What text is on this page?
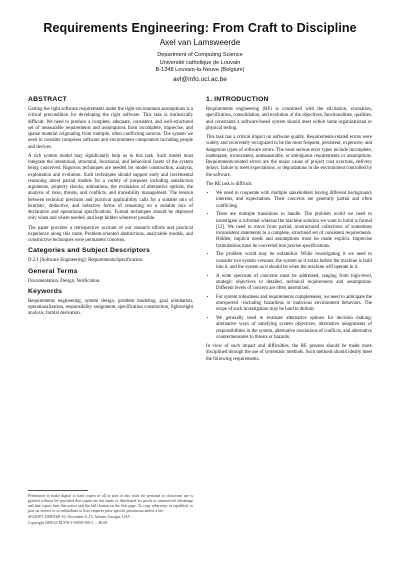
Requirements Engineering: From Craft to Discipline
Axel van Lamsweerde
Department of Computing Science
Université catholique de Louvain
B-1348 Louvain-la-Neuve (Belgium)
avl@info.ucl.ac.be
ABSTRACT

Getting the right software requirements under the right environment assumptions is a critical precondition for developing the right software. This task is intrinsically difficult. We need to produce a complete, adequate, consistent, and well-structured set of measurable requirements and assumptions from incomplete, imprecise, and sparse material originating from multiple, often conflicting sources. The system we need to consider comprises software and environment components including people and devices.

A rich system model may significantly help us in this task. Such model must integrate the intentional, structural, functional, and behavioral facets of the system being conceived. Rigorous techniques are needed for model construction, analysis, exploitation and evolution. Such techniques should support early and incremental reasoning about partial models for a variety of purposes including satisfaction arguments, property checks, animations, the evaluation of alternative options, the analysis of risks, threats, and conflicts, and traceability management. The tension between technical precision and practical applicability calls for a suitable mix of heuristic, deductive, and inductive forms of reasoning on a suitable mix of declarative and operational specifications. Formal techniques should be deployed only when and where needed, and kept hidden wherever possible.

The paper provides a retrospective account of our research efforts and practical experience along this route. Problem-oriented abstractions, analyzable models, and constructive techniques were permanent concerns.

Categories and Subject Descriptors

D.2.1 [Software Engineering]: Requirements/Specification.

General Terms

Documentation, Design, Verification.

Keywords

Requirements engineering, system design, problem modeling, goal orientation, operationalization, responsibility assignment, specification construction, lightweight analysis, formal derivation.

Permission to make digital or hard copies of all or part of this work for personal or classroom use is granted without fee provided that copies are not made or distributed for profit or commercial advantage and that copies bear this notice and the full citation on the first page. To copy otherwise, or republish, to post on servers or to redistribute to lists, requires prior specific permission and/or a fee.

SIGSOFT 2008/FSE-16, November 9–15, Atlanta, Georgia, USA

Copyright 2008 ACM 978-1-59593-995-1 ... $5.00.

1. INTRODUCTION

Requirements engineering (RE) is concerned with the elicitation, evaluation, specification, consolidation, and evolution of the objectives, functionalities, qualities, and constraints a software-based system should meet within some organizational or physical setting.

This task has a critical impact on software quality. Requirements-related errors were widely and recurrently recognized to be the most frequent, persistent, expensive, and dangerous types of software errors. The most serious error types include incomplete, inadequate, inconsistent, unmeasurable, or ambiguous requirements or assumptions. Requirements-related errors are the major cause of project cost overruns, delivery delays, failure to meet expectations, or degradations in the environment controlled by the software.

The RE task is difficult.

• We need to cooperate with multiple stakeholders having different background, interests, and expectations. Their concerns are generally partial and often conflicting.
• There are multiple transitions to handle. The problem world we need to investigate is informal whereas the machine solution we want to build is formal [12]. We need to move from partial, unstructured collections of sometimes inconsistent statements to a complete, structured set of consistent requirements. Hidden, implicit needs and assumptions must be made explicit. Imprecise formulations must be converted into precise specifications.
• The problem world may be unfamiliar. While investigating it we need to consider two system versions: the system as it exists before the machine is built into it, and the system as it should be when the machine will operate in it.
• A wide spectrum of concerns must be addressed, ranging from high-level, strategic objectives to detailed, technical requirements and assumptions. Different levels of concern are often intermixed.
• For system robustness and requirements completeness, we need to anticipate the unexpected –including hazardous or malicious environment behaviors. The scope of such investigation may be hard to delimit.
• We generally need to evaluate alternative options for decision making: alternative ways of satisfying system objectives, alternative assignments of responsibilities in the system, alternative resolutions of conflicts, and alternative countermeasures to threats or hazards.

In view of such impact and difficulties, the RE process should be made more disciplined through the use of systematic methods. Such methods should ideally meet the following requirements.
